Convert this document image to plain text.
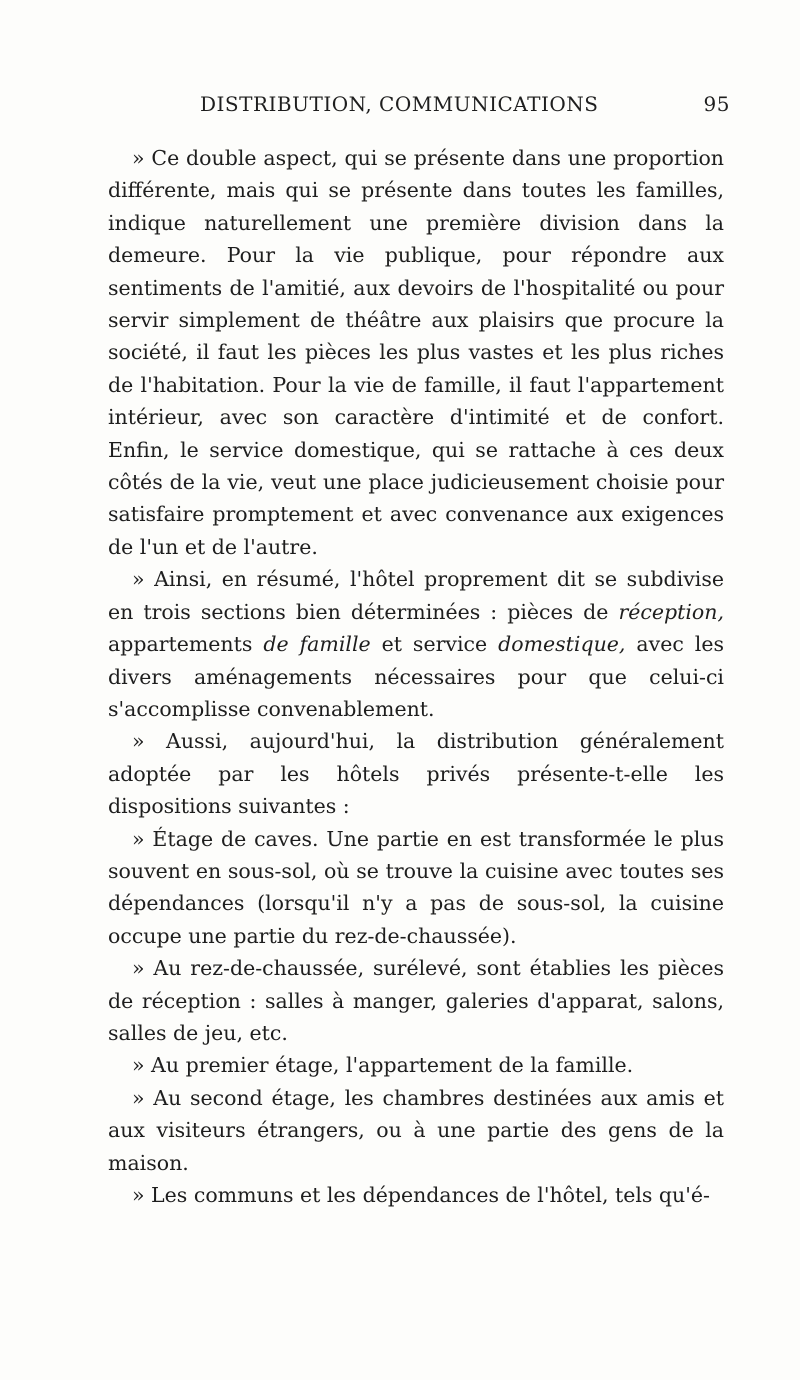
DISTRIBUTION, COMMUNICATIONS	95

» Ce double aspect, qui se présente dans une proportion différente, mais qui se présente dans toutes les familles, indique naturellement une première division dans la demeure. Pour la vie publique, pour répondre aux sentiments de l'amitié, aux devoirs de l'hospitalité ou pour servir simplement de théâtre aux plaisirs que procure la société, il faut les pièces les plus vastes et les plus riches de l'habitation. Pour la vie de famille, il faut l'appartement intérieur, avec son caractère d'intimité et de confort. Enfin, le service domestique, qui se rattache à ces deux côtés de la vie, veut une place judicieusement choisie pour satisfaire promptement et avec convenance aux exigences de l'un et de l'autre.

» Ainsi, en résumé, l'hôtel proprement dit se subdivise en trois sections bien déterminées : pièces de réception, appartements de famille et service domestique, avec les divers aménagements nécessaires pour que celui-ci s'accomplisse convenablement.

» Aussi, aujourd'hui, la distribution généralement adoptée par les hôtels privés présente-t-elle les dispositions suivantes :

» Étage de caves. Une partie en est transformée le plus souvent en sous-sol, où se trouve la cuisine avec toutes ses dépendances (lorsqu'il n'y a pas de sous-sol, la cuisine occupe une partie du rez-de-chaussée).

» Au rez-de-chaussée, surélevé, sont établies les pièces de réception : salles à manger, galeries d'apparat, salons, salles de jeu, etc.

» Au premier étage, l'appartement de la famille.

» Au second étage, les chambres destinées aux amis et aux visiteurs étrangers, ou à une partie des gens de la maison.

» Les communs et les dépendances de l'hôtel, tels qu'é-
